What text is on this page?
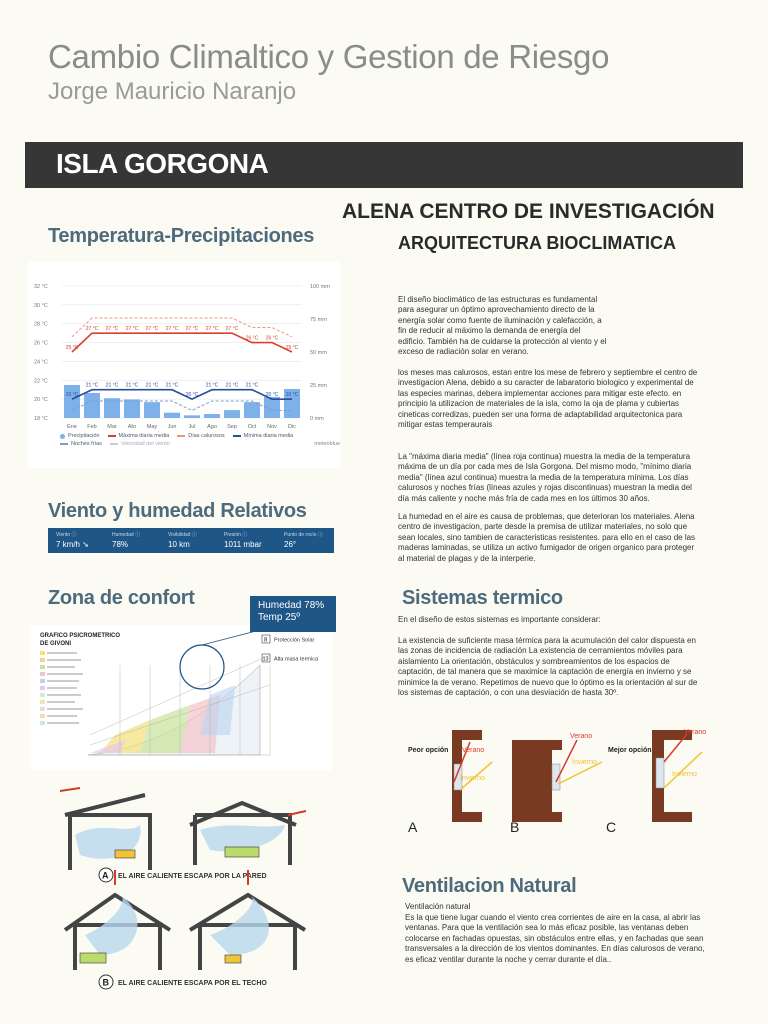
Cambio Climaltico y Gestion de Riesgo
Jorge Mauricio Naranjo
ISLA GORGONA
ALENA CENTRO DE INVESTIGACIÓN
ARQUITECTURA BIOCLIMATICA
Temperatura-Precipitaciones
32 °C
30 °C
28 °C
26 °C
24 °C
22 °C
20 °C
18 °C
100 mm
75 mm
50 mm
25 mm
0 mm
25 °C
27 °C 27 °C 27 °C 27 °C 27 °C 27 °C 27 °C 27 °C
26 °C 26 °C
25 °C
20 °C
21 °C 21 °C 21 °C 21 °C 21 °C
20 °C
21 °C 21 °C 21 °C
20 °C 20 °C
Ene Feb Mar Abr May Jun Jul Ago Sep Oct Nov Dic
Precipitación	Máxima diaria media	Días calurosos	Mínima diaria media
Noches frías	Velocidad del viento	meteoblue
Viento y humedad Relativos
Viento ⓘ
7 km/h ➘
Humedad ⓘ
78%
Visibilidad ⓘ
10 km
Presión ⓘ
1011 mbar
Punto de rocío ⓘ
26°
Zona de confort
GRAFICO PSICROMETRICO
DE GIVONI
8 Protección Solar
13 Alta masa termica
Humedad 78%
Temp 25º
A EL AIRE CALIENTE ESCAPA POR LA PARED
B EL AIRE CALIENTE ESCAPA POR EL TECHO
El diseño bioclimático de las estructuras es fundamental para asegurar un óptimo aprovechamiento directo de la energía solar como fuente de iluminación y calefacción, a fin de reducir al máximo la demanda de energía del edificio. También ha de cuidarse la protección al viento y el exceso de radiación solar en verano.
los meses mas calurosos, estan entre los mese de febrero y septiembre el centro de investigacion Alena, debido a su caracter de labaratorio biologico y experimental de las especies marinas, debera implementar acciones para mitigar este efecto. en principio la utilizacion de materiales de la isla, como la oja de plama y cubiertas cineticas corredizas, pueden ser una forma de adaptabilidad arquitectonica para mitigar estas temperaurais
La "máxima diaria media" (línea roja continua) muestra la media de la temperatura máxima de un día por cada mes de Isla Gorgona. Del mismo modo, "mínimo diaria media" (línea azul continua) muestra la media de la temperatura mínima. Los días calurosos y noches frías (líneas azules y rojas discontinuas) muestran la media del día más caliente y noche más fría de cada mes en los últimos 30 años.
La humedad en el aire es causa de problemas, que deterioran los materiales. Alena centro de investigacion, parte desde la premisa de utilizar materiales, no solo que sean locales, sino tambien de caracteristicas resistentes. para ello en el caso de las maderas laminadas, se utiliza un activo fumigador de origen organico para proteger al material de plagas y de la interperie.
Sistemas termico
En el diseño de estos sistemas es importante considerar:
La existencia de suficiente masa térmica para la acumulación del calor dispuesta en las zonas de incidencia de radiación La existencia de cerramientos móviles para aislamiento La orientación, obstáculos y sombreamientos de los espacios de captación, de tal manera que se maximice la captación de energía en invierno y se minimice la de verano. Repetimos de nuevo que lo óptimo es la orientación al sur de los sistemas de captación, o con una desviación de hasta 30º.
Peor opción Verano
Invierno
A
Verano
Invierno
B
Mejor opción
Verano
Invierno
C
Ventilacion Natural
Ventilación natural
Es la que tiene lugar cuando el viento crea corrientes de aire en la casa, al abrir las ventanas. Para que la ventilación sea lo más eficaz posible, las ventanas deben colocarse en fachadas opuestas, sin obstáculos entre ellas, y en fachadas que sean transversales a la dirección de los vientos dominantes. En días calurosos de verano, es eficaz ventilar durante la noche y cerrar durante el día..
